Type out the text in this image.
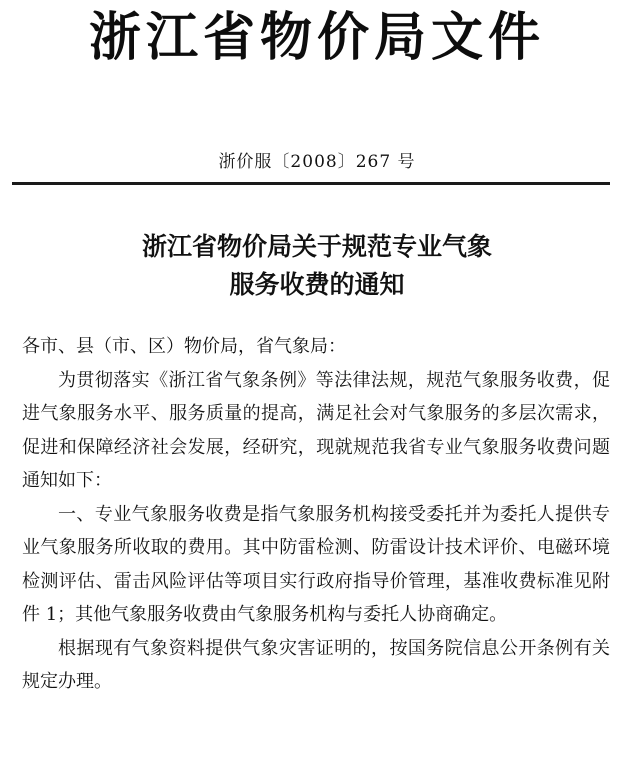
浙江省物价局文件
浙价服〔2008〕267 号
浙江省物价局关于规范专业气象
服务收费的通知

各市、县（市、区）物价局，省气象局：

为贯彻落实《浙江省气象条例》等法律法规，规范气象服务收费，促进气象服务水平、服务质量的提高，满足社会对气象服务的多层次需求，促进和保障经济社会发展，经研究，现就规范我省专业气象服务收费问题通知如下：

一、专业气象服务收费是指气象服务机构接受委托并为委托人提供专业气象服务所收取的费用。其中防雷检测、防雷设计技术评价、电磁环境检测评估、雷击风险评估等项目实行政府指导价管理，基准收费标准见附件 1；其他气象服务收费由气象服务机构与委托人协商确定。

根据现有气象资料提供气象灾害证明的，按国务院信息公开条例有关规定办理。
